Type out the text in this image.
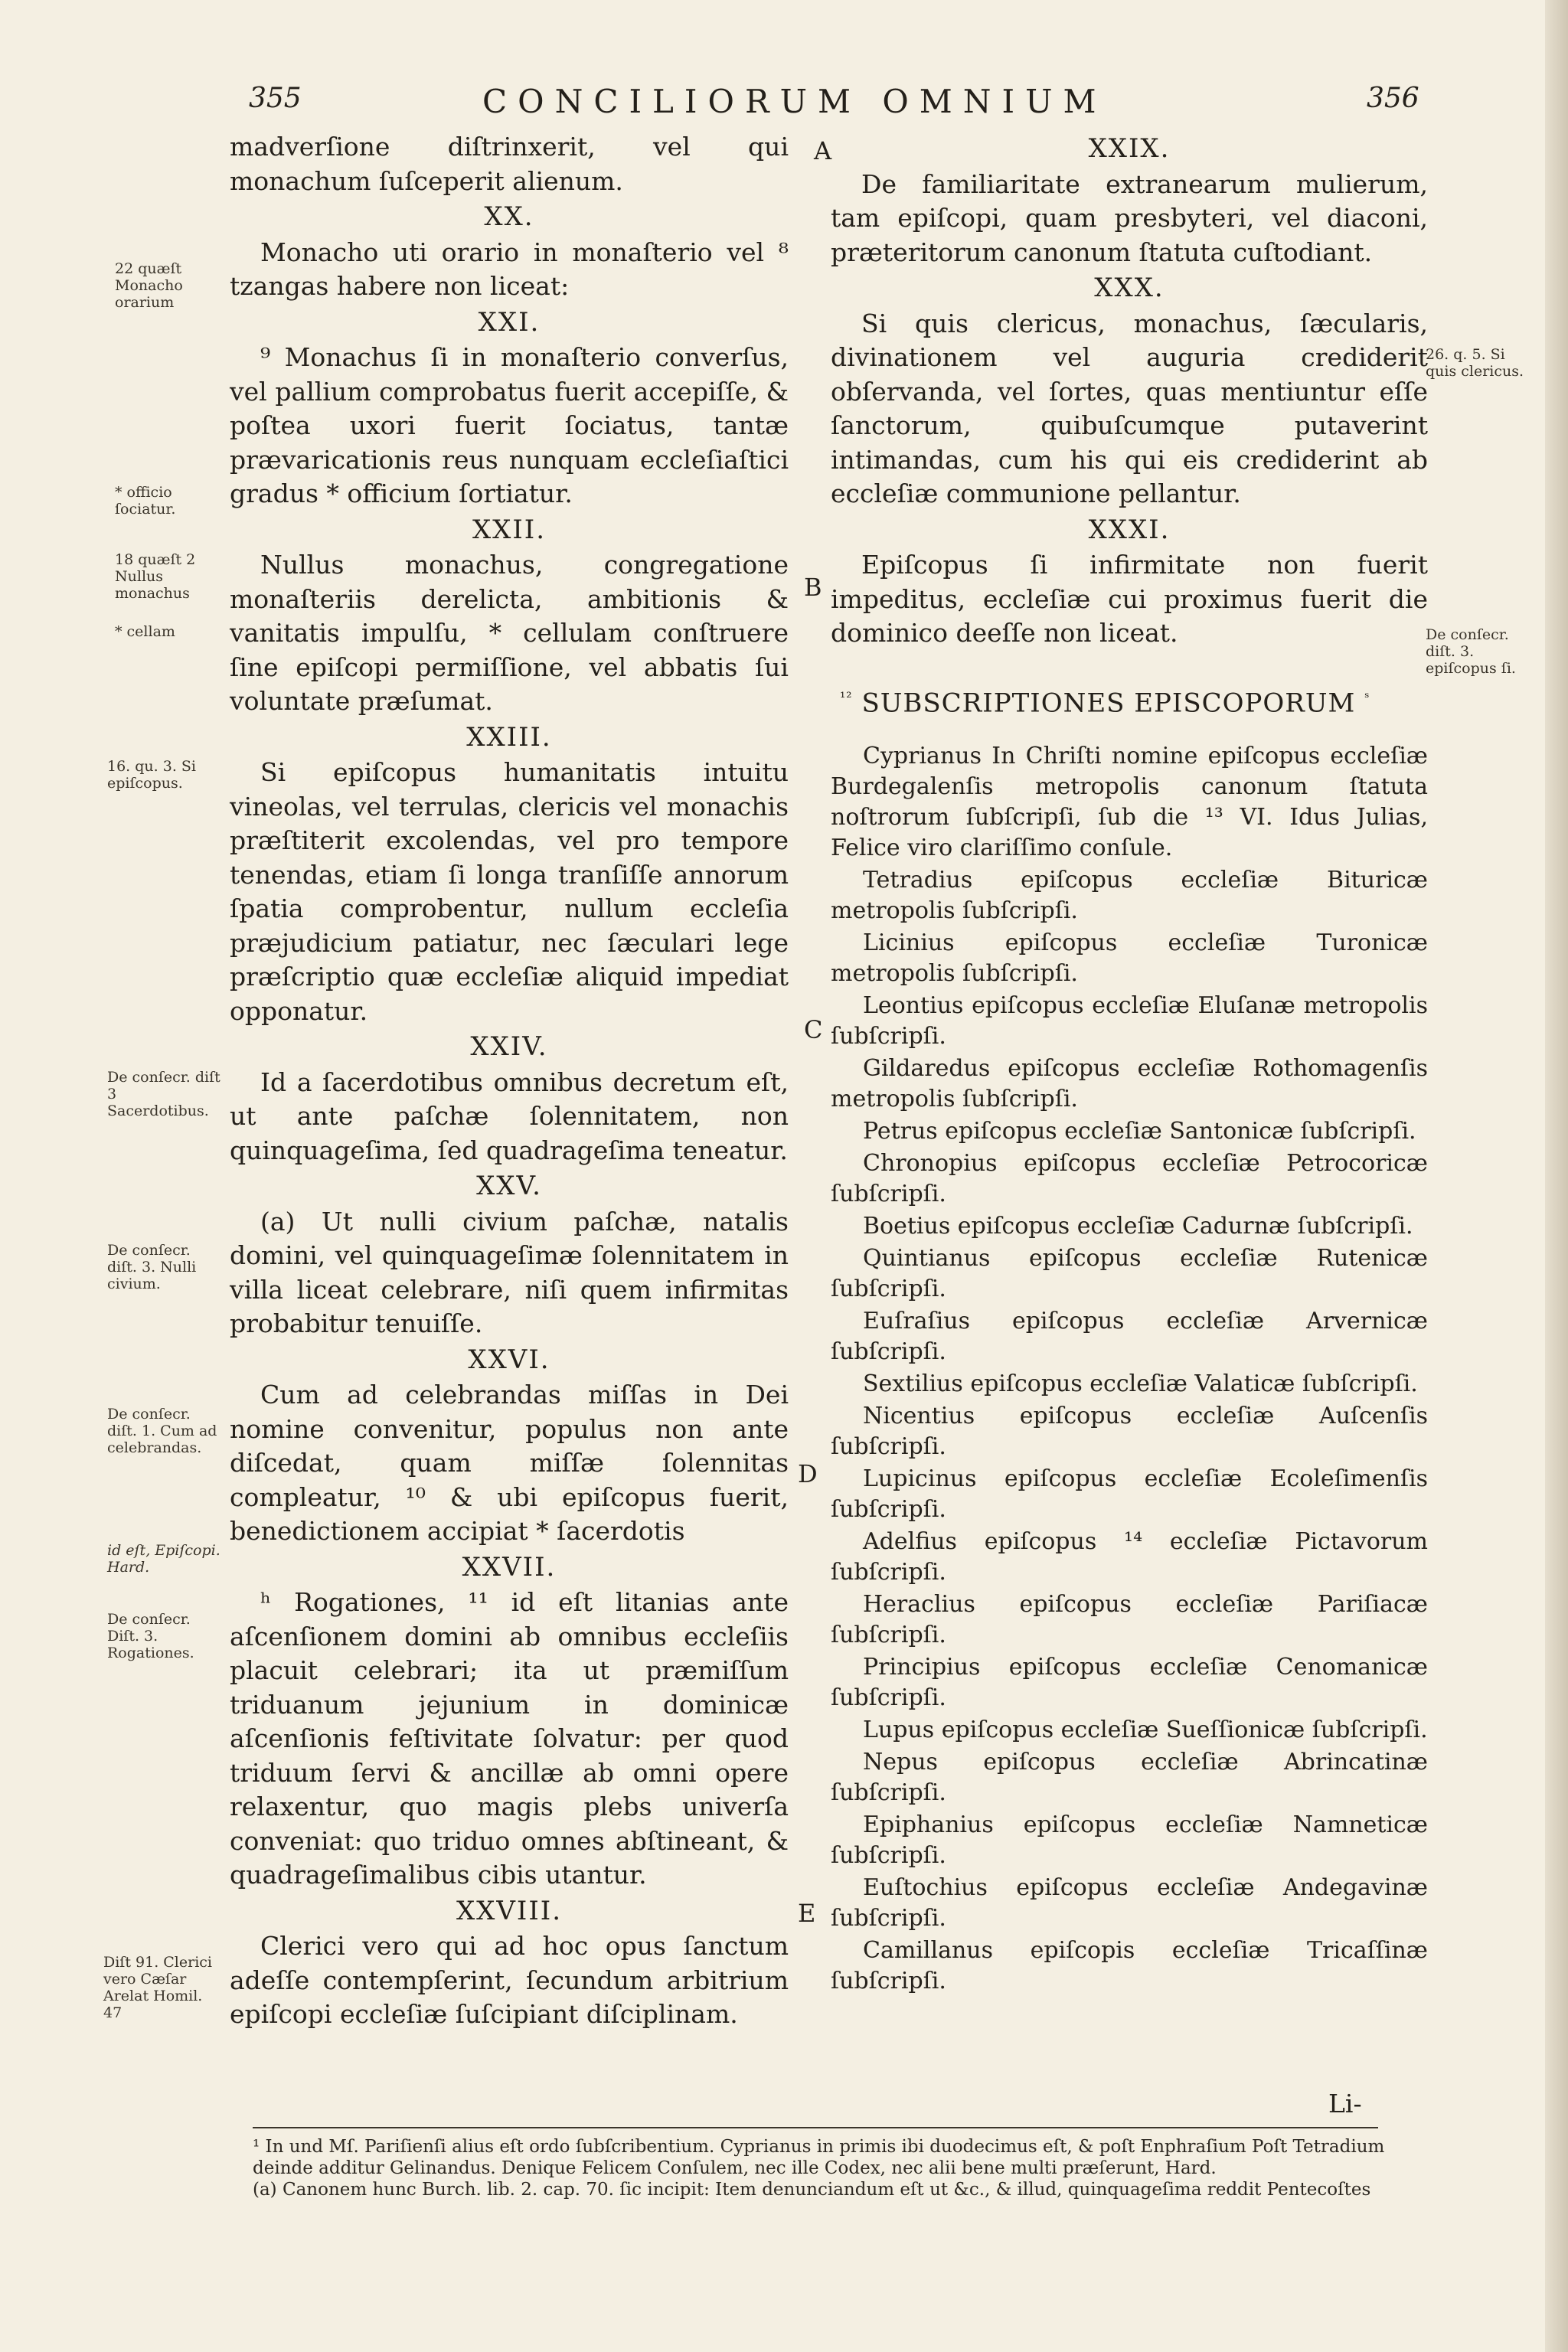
355	CONCILIORUM OMNIUM	356

madverſione diſtrinxerit, vel qui monachum ſuſceperit alienum.

XX.

Monacho uti orario in monaſterio vel ⁸ tzangas habere non liceat:

XXI.

⁹ Monachus ſi in monaſterio converſus, vel pallium comprobatus fuerit accepiſſe, & poſtea uxori fuerit ſociatus, tantæ prævaricationis reus nunquam eccleſiaſtici gradus * officium ſortiatur.

XXII.

Nullus monachus, congregatione monaſteriis derelicta, ambitionis & vanitatis impulſu, * cellulam conſtruere ſine epiſcopi permiſſione, vel abbatis ſui voluntate præſumat.

XXIII.

Si epiſcopus humanitatis intuitu vineolas, vel terrulas, clericis vel monachis præſtiterit excolendas, vel pro tempore tenendas, etiam ſi longa tranſiſſe annorum ſpatia comprobentur, nullum eccleſia præjudicium patiatur, nec ſæculari lege præſcriptio quæ eccleſiæ aliquid impediat opponatur.

XXIV.

Id a ſacerdotibus omnibus decretum eſt, ut ante paſchæ ſolennitatem, non quinquageſima, ſed quadrageſima teneatur.

XXV.

(a) Ut nulli civium paſchæ, natalis domini, vel quinquageſimæ ſolennitatem in villa liceat celebrare, niſi quem infirmitas probabitur tenuiſſe.

XXVI.

Cum ad celebrandas miſſas in Dei nomine convenitur, populus non ante diſcedat, quam miſſæ ſolennitas compleatur, ¹⁰ & ubi epiſcopus fuerit, benedictionem accipiat * ſacerdotis

XXVII.

ʰ Rogationes, ¹¹ id eſt litanias ante aſcenſionem domini ab omnibus eccleſiis placuit celebrari; ita ut præmiſſum triduanum jejunium in dominicæ aſcenſionis feſtivitate ſolvatur: per quod triduum ſervi & ancillæ ab omni opere relaxentur, quo magis plebs univerſa conveniat: quo triduo omnes abſtineant, & quadrageſimalibus cibis utantur.

XXVIII.

Clerici vero qui ad hoc opus ſanctum adeſſe contempſerint, ſecundum arbitrium epiſcopi eccleſiæ ſuſcipiant diſciplinam.

XXIX.

De familiaritate extranearum mulierum, tam epiſcopi, quam presbyteri, vel diaconi, præteritorum canonum ſtatuta cuſtodiant.

XXX.

Si quis clericus, monachus, ſæcularis, divinationem vel auguria crediderit obſervanda, vel ſortes, quas mentiuntur eſſe ſanctorum, quibuſcumque putaverint intimandas, cum his qui eis crediderint ab eccleſiæ communione pellantur.

XXXI.

Epiſcopus ſi infirmitate non fuerit impeditus, eccleſiæ cui proximus fuerit die dominico deeſſe non liceat.

$^{^{12}}$ SUBSCRIPTIONES EPISCOPORUM $^ˢ$

Cyprianus In Chriſti nomine epiſcopus eccleſiæ Burdegalenſis metropolis canonum ſtatuta noſtrorum ſubſcripſi, ſub die ¹³ VI. Idus Julias, Felice viro clariſſimo conſule.

Tetradius epiſcopus eccleſiæ Bituricæ metropolis ſubſcripſi.

Licinius epiſcopus eccleſiæ Turonicæ metropolis ſubſcripſi.

Leontius epiſcopus eccleſiæ Eluſanæ metropolis ſubſcripſi.

Gildaredus epiſcopus eccleſiæ Rothomagenſis metropolis ſubſcripſi.

Petrus epiſcopus eccleſiæ Santonicæ ſubſcripſi.

Chronopius epiſcopus eccleſiæ Petrocoricæ ſubſcripſi.

Boetius epiſcopus eccleſiæ Cadurnæ ſubſcripſi.

Quintianus epiſcopus eccleſiæ Rutenicæ ſubſcripſi.

Euſraſius epiſcopus eccleſiæ Arvernicæ ſubſcripſi.

Sextilius epiſcopus eccleſiæ Valaticæ ſubſcripſi.

Nicentius epiſcopus eccleſiæ Auſcenſis ſubſcripſi.

Lupicinus epiſcopus eccleſiæ Ecoleſimenſis ſubſcripſi.

Adelfius epiſcopus ¹⁴ eccleſiæ Pictavorum ſubſcripſi.

Heraclius epiſcopus eccleſiæ Pariſiacæ ſubſcripſi.

Principius epiſcopus eccleſiæ Cenomanicæ ſubſcripſi.

Lupus epiſcopus eccleſiæ Sueſſionicæ ſubſcripſi.

Nepus epiſcopus eccleſiæ Abrincatinæ ſubſcripſi.

Epiphanius epiſcopus eccleſiæ Namneticæ ſubſcripſi.

Euſtochius epiſcopus eccleſiæ Andegavinæ ſubſcripſi.

Camillanus epiſcopis eccleſiæ Tricaſſinæ ſubſcripſi.

22 quæſt Monacho orarium
* officio ſociatur.
18 quæſt 2 Nullus monachus
* cellam
16. qu. 3. Si epiſcopus.
De conſecr. diſt 3 Sacerdotibus.
De conſecr. diſt. 3. Nulli civium.
De conſecr. diſt. 1. Cum ad celebrandas.
id eſt, Epiſcopi. Hard.
De conſecr. Diſt. 3. Rogationes.
Diſt 91. Clerici vero Cæſar Arelat Homil. 47
26. q. 5. Si quis clericus.
De conſecr. diſt. 3. epiſcopus ſi.
A
B
C
D
E
Li-

¹ In und Mſ. Pariſienſi alius eſt ordo ſubſcribentium. Cyprianus in primis ibi duodecimus eſt, & poſt Enphraſium Poſt Tetradium deinde additur Gelinandus. Denique Felicem Conſulem, nec ille Codex, nec alii bene multi præſerunt, Hard.

(a) Canonem hunc Burch. lib. 2. cap. 70. ſic incipit: Item denunciandum eſt ut &c., & illud, quinquageſima reddit Pentecoſtes
